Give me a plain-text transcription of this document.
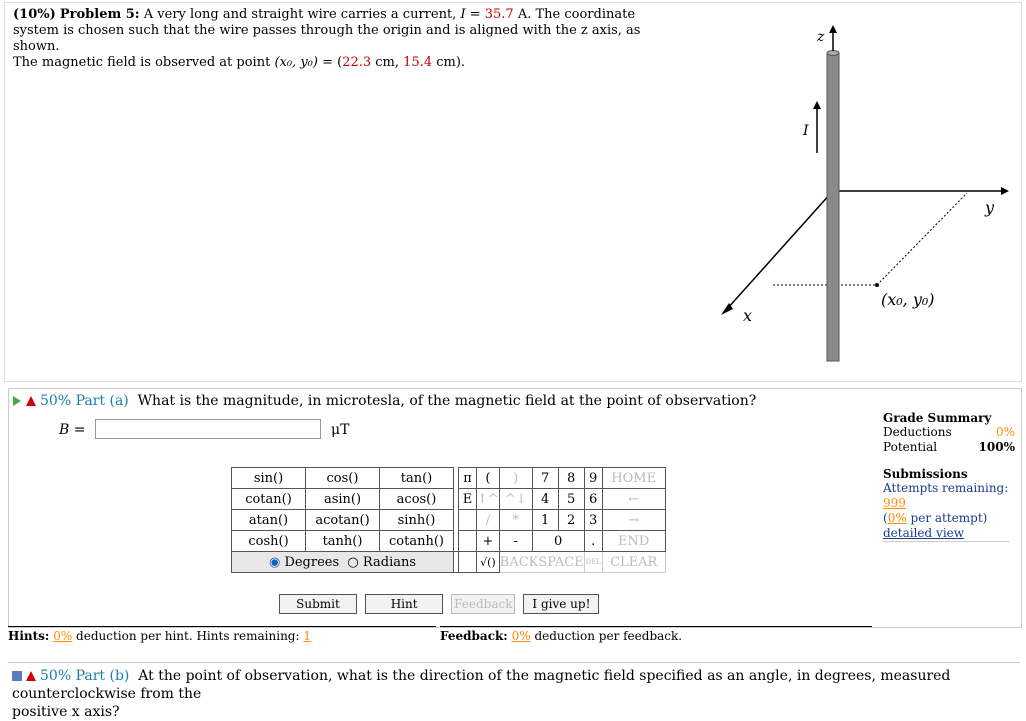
(10%) Problem 5: A very long and straight wire carries a current, I = 35.7 A. The coordinate
system is chosen such that the wire passes through the origin and is aligned with the z axis, as shown.
The magnetic field is observed at point (x₀, y₀) = (22.3 cm, 15.4 cm).
z
I
y
x
(x₀, y₀)
50% Part (a) What is the magnitude, in microtesla, of the magnetic field at the point of observation?
B =	μT
Grade Summary
Deductions	0%
Potential	100%
Submissions
Attempts remaining: 999
(0% per attempt)
detailed view
sin()	cos()	tan()		π	(	)	7	8	9	HOME
cotan()	asin()	acos()		E	↑^	^↓	4	5	6	←
atan()	acotan()	sinh()			/	*	1	2	3	→
cosh()	tanh()	cotanh()			+	-	0		.	END
◉ Degrees ○ Radians					√()	BACKSPACE			DEL	CLEAR
Submit	Hint	Feedback I give up!
Hints: 0% deduction per hint. Hints remaining: 1	Feedback: 0% deduction per feedback.
50% Part (b) At the point of observation, what is the direction of the magnetic field specified as an angle, in degrees, measured counterclockwise from the
positive x axis?
